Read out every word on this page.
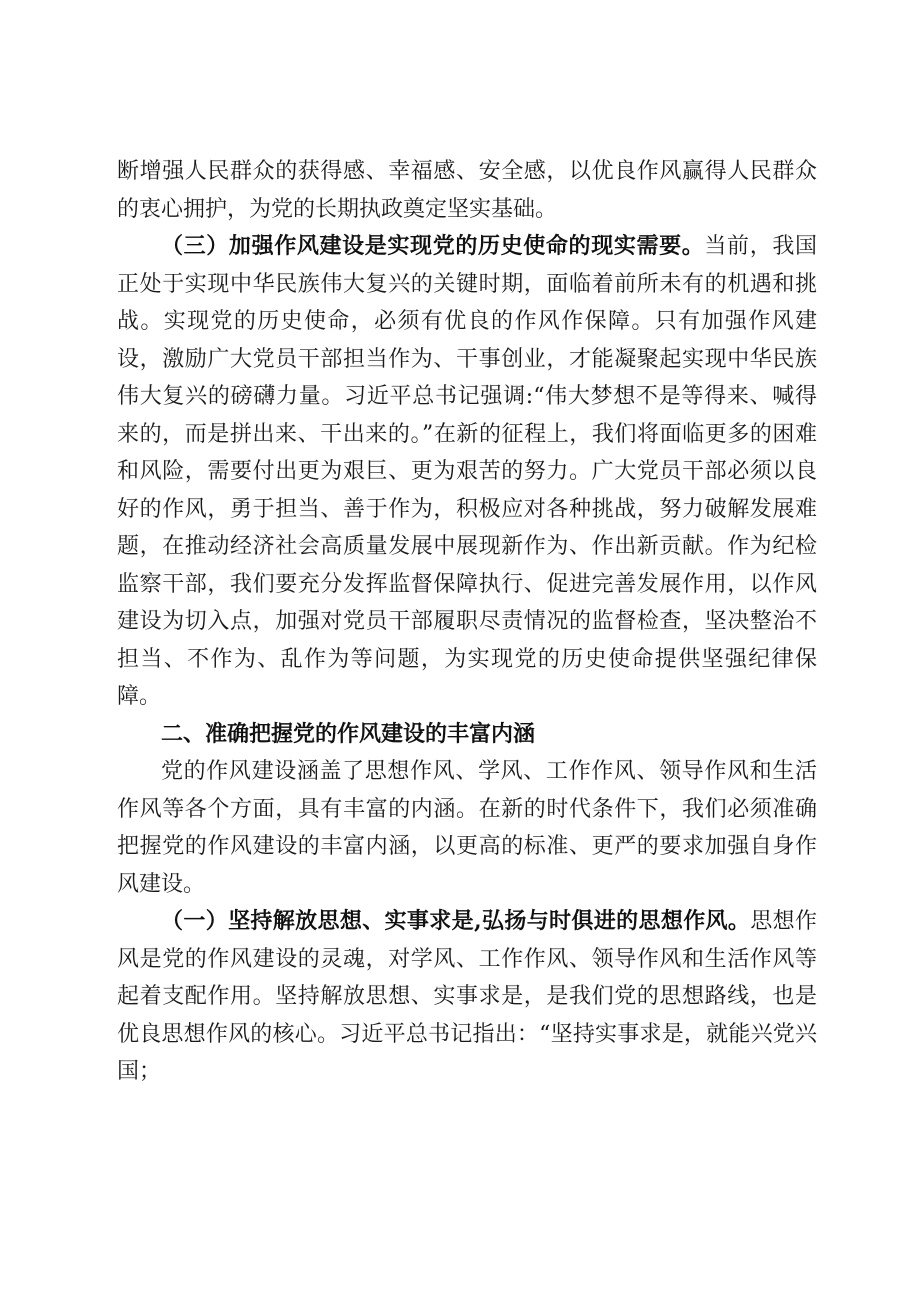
断增强人民群众的获得感、幸福感、安全感，以优良作风赢得人民群众的衷心拥护，为党的长期执政奠定坚实基础。

（三）加强作风建设是实现党的历史使命的现实需要。当前，我国正处于实现中华民族伟大复兴的关键时期，面临着前所未有的机遇和挑战。实现党的历史使命，必须有优良的作风作保障。只有加强作风建设，激励广大党员干部担当作为、干事创业，才能凝聚起实现中华民族伟大复兴的磅礴力量。习近平总书记强调:“伟大梦想不是等得来、喊得来的，而是拼出来、干出来的。”在新的征程上，我们将面临更多的困难和风险，需要付出更为艰巨、更为艰苦的努力。广大党员干部必须以良好的作风，勇于担当、善于作为，积极应对各种挑战，努力破解发展难题，在推动经济社会高质量发展中展现新作为、作出新贡献。作为纪检监察干部，我们要充分发挥监督保障执行、促进完善发展作用，以作风建设为切入点，加强对党员干部履职尽责情况的监督检查，坚决整治不担当、不作为、乱作为等问题，为实现党的历史使命提供坚强纪律保障。

二、准确把握党的作风建设的丰富内涵

党的作风建设涵盖了思想作风、学风、工作作风、领导作风和生活作风等各个方面，具有丰富的内涵。在新的时代条件下，我们必须准确把握党的作风建设的丰富内涵，以更高的标准、更严的要求加强自身作风建设。

（一）坚持解放思想、实事求是,弘扬与时俱进的思想作风。思想作风是党的作风建设的灵魂，对学风、工作作风、领导作风和生活作风等起着支配作用。坚持解放思想、实事求是，是我们党的思想路线，也是优良思想作风的核心。习近平总书记指出：“坚持实事求是，就能兴党兴国；
